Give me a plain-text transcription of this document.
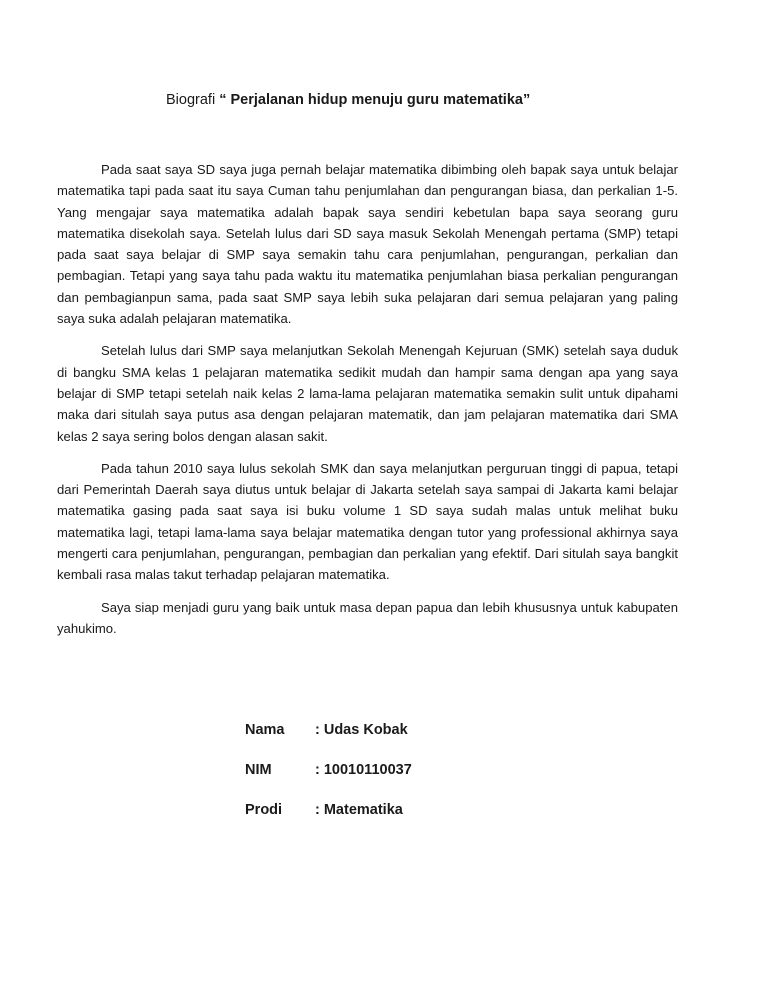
Biografi “ Perjalanan hidup menuju guru matematika”

Pada saat saya SD saya juga pernah belajar matematika dibimbing oleh bapak saya untuk belajar matematika tapi pada saat itu saya Cuman tahu penjumlahan dan pengurangan biasa, dan perkalian 1-5. Yang mengajar saya matematika adalah bapak saya sendiri kebetulan bapa saya seorang guru matematika disekolah saya. Setelah lulus dari SD saya masuk Sekolah Menengah pertama (SMP) tetapi pada saat saya belajar di SMP saya semakin tahu cara penjumlahan, pengurangan, perkalian dan pembagian. Tetapi yang saya tahu pada waktu itu matematika penjumlahan biasa perkalian pengurangan dan pembagianpun sama, pada saat SMP saya lebih suka pelajaran dari semua pelajaran yang paling saya suka adalah pelajaran matematika.

Setelah lulus dari SMP saya melanjutkan Sekolah Menengah Kejuruan (SMK) setelah saya duduk di bangku SMA kelas 1 pelajaran matematika sedikit mudah dan hampir sama dengan apa yang saya belajar di SMP tetapi setelah naik kelas 2 lama-lama pelajaran matematika semakin sulit untuk dipahami maka dari situlah saya putus asa dengan pelajaran matematik, dan jam pelajaran matematika dari SMA kelas 2 saya sering bolos dengan alasan sakit.

Pada tahun 2010 saya lulus sekolah SMK dan saya melanjutkan perguruan tinggi di papua, tetapi dari Pemerintah Daerah saya diutus untuk belajar di Jakarta setelah saya sampai di Jakarta kami belajar matematika gasing pada saat saya isi buku volume 1 SD saya sudah malas untuk melihat buku matematika lagi, tetapi lama-lama saya belajar matematika dengan tutor yang professional akhirnya saya mengerti cara penjumlahan, pengurangan, pembagian dan perkalian yang efektif. Dari situlah saya bangkit kembali rasa malas takut terhadap pelajaran matematika.

Saya siap menjadi guru yang baik untuk masa depan papua dan lebih khususnya untuk kabupaten yahukimo.

Nama	: Udas Kobak
NIM	: 10010110037
Prodi	: Matematika
